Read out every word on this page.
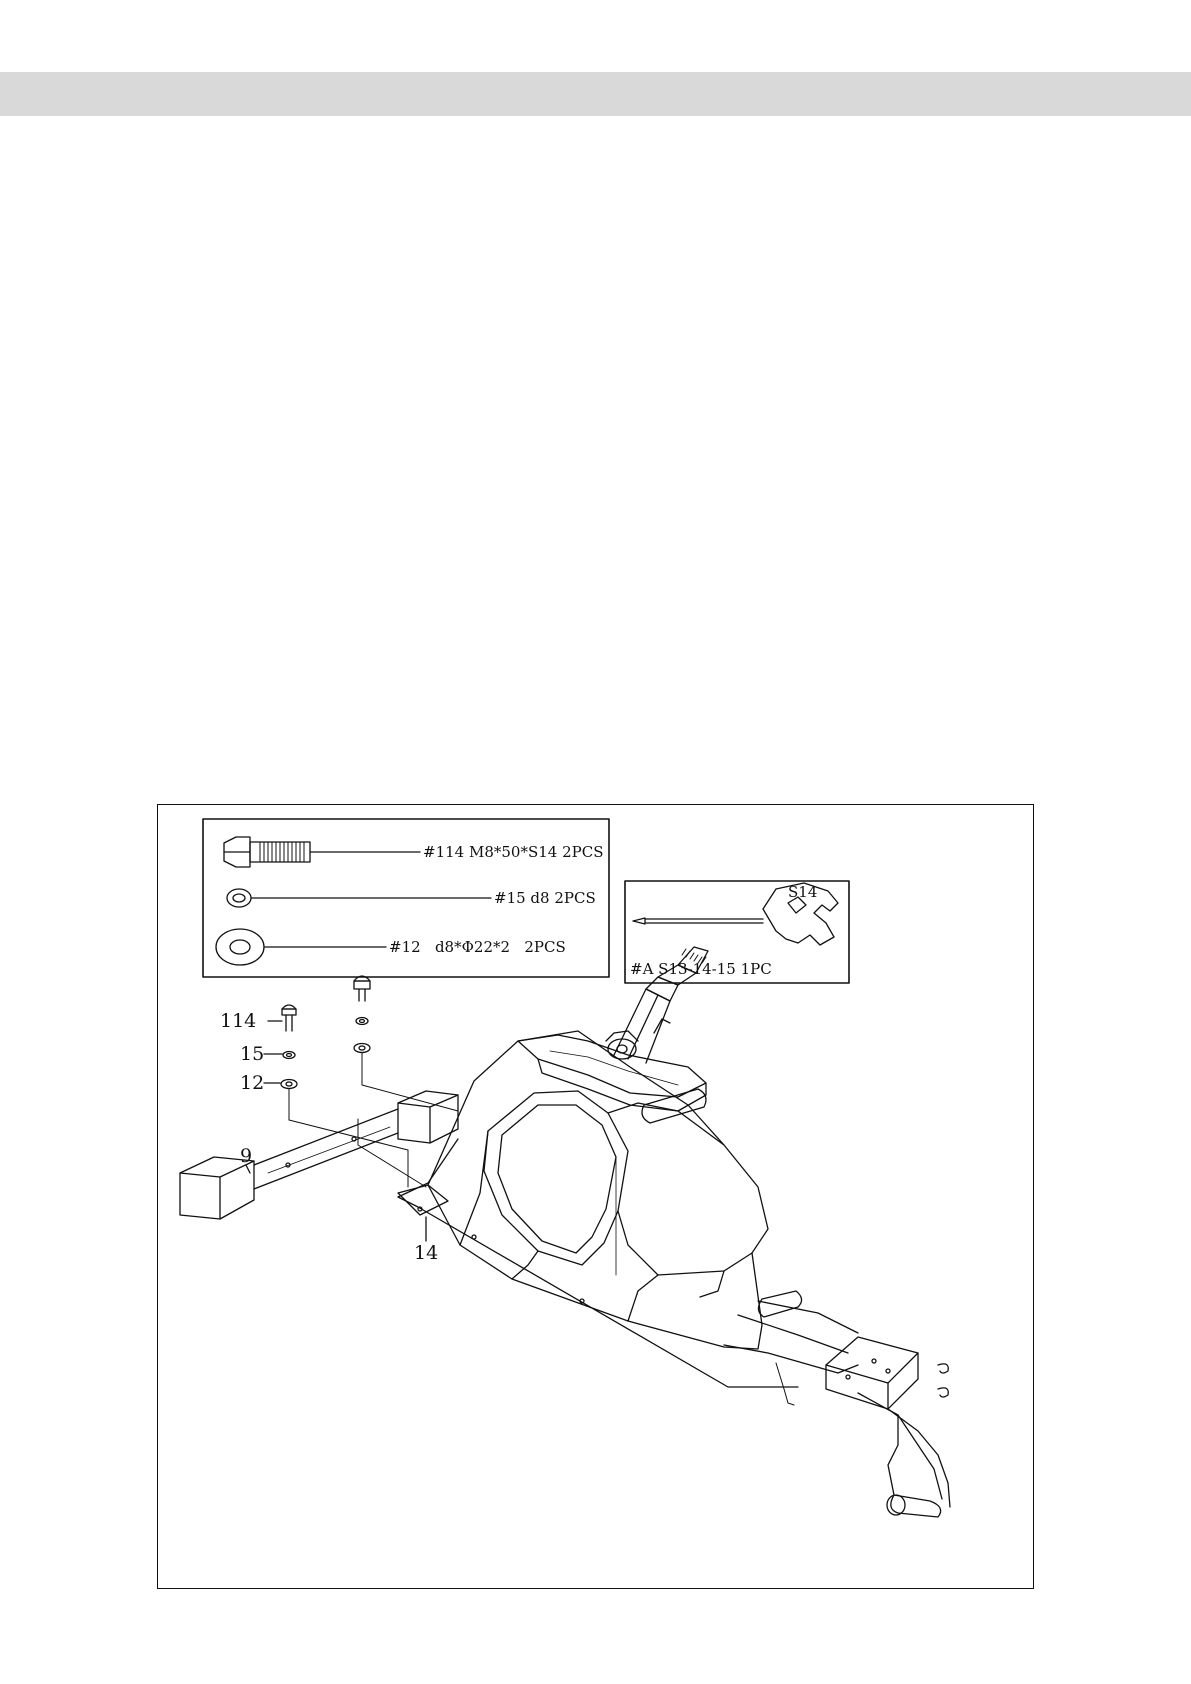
#114 M8*50*S14 2PCS
#15 d8 2PCS
#12   d8*Φ22*2   2PCS
S14
#A S13-14-15 1PC
114
15
12
9
14
